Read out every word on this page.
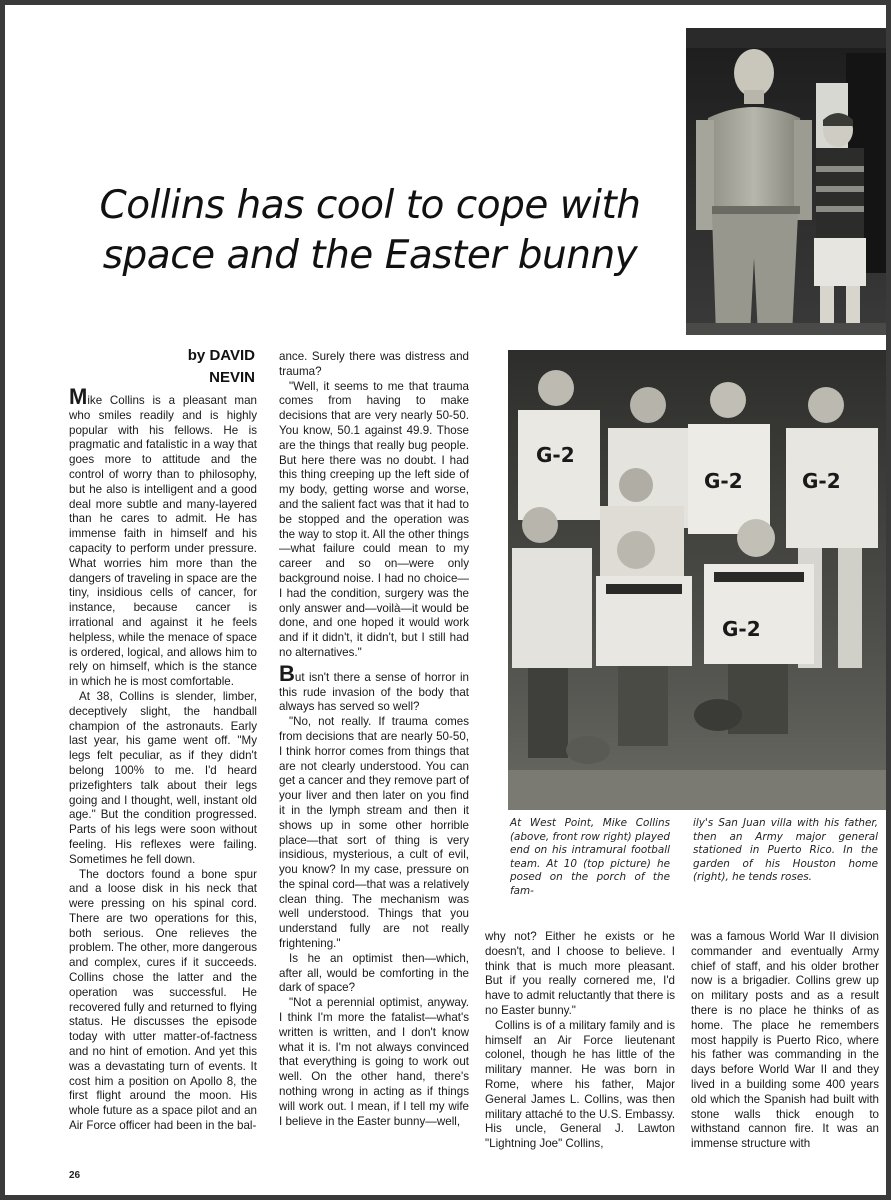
Collins has cool to cope with
space and the Easter bunny
by DAVID
NEVIN

Mike Collins is a pleasant man who smiles readily and is highly popular with his fellows. He is pragmatic and fatalistic in a way that goes more to attitude and the control of worry than to philosophy, but he also is intelligent and a good deal more subtle and many-layered than he cares to admit. He has immense faith in himself and his capacity to perform under pressure. What worries him more than the dangers of traveling in space are the tiny, insidious cells of cancer, for instance, because cancer is irrational and against it he feels helpless, while the menace of space is ordered, logical, and allows him to rely on himself, which is the stance in which he is most comfortable.

At 38, Collins is slender, limber, deceptively slight, the handball champion of the astronauts. Early last year, his game went off. "My legs felt peculiar, as if they didn't belong 100% to me. I'd heard prizefighters talk about their legs going and I thought, well, instant old age." But the condition progressed. Parts of his legs were soon without feeling. His reflexes were failing. Sometimes he fell down.

The doctors found a bone spur and a loose disk in his neck that were pressing on his spinal cord. There are two operations for this, both serious. One relieves the problem. The other, more dangerous and complex, cures if it succeeds. Collins chose the latter and the operation was successful. He recovered fully and returned to flying status. He discusses the episode today with utter matter-of-factness and no hint of emotion. And yet this was a devastating turn of events. It cost him a position on Apollo 8, the first flight around the moon. His whole future as a space pilot and an Air Force officer had been in the bal-

ance. Surely there was distress and trauma?

"Well, it seems to me that trauma comes from having to make decisions that are very nearly 50-50. You know, 50.1 against 49.9. Those are the things that really bug people. But here there was no doubt. I had this thing creeping up the left side of my body, getting worse and worse, and the salient fact was that it had to be stopped and the operation was the way to stop it. All the other things—what failure could mean to my career and so on—were only background noise. I had no choice—I had the condition, surgery was the only answer and—voilà—it would be done, and one hoped it would work and if it didn't, it didn't, but I still had no alternatives."

But isn't there a sense of horror in this rude invasion of the body that always has served so well?

"No, not really. If trauma comes from decisions that are nearly 50-50, I think horror comes from things that are not clearly understood. You can get a cancer and they remove part of your liver and then later on you find it in the lymph stream and then it shows up in some other horrible place—that sort of thing is very insidious, mysterious, a cult of evil, you know? In my case, pressure on the spinal cord—that was a relatively clean thing. The mechanism was well understood. Things that you understand fully are not really frightening."

Is he an optimist then—which, after all, would be comforting in the dark of space?

"Not a perennial optimist, anyway. I think I'm more the fatalist—what's written is written, and I don't know what it is. I'm not always convinced that everything is going to work out well. On the other hand, there's nothing wrong in acting as if things will work out. I mean, if I tell my wife I believe in the Easter bunny—well,

G-2
G-2	G-2
G-2
At West Point, Mike Collins (above, front row right) played end on his intramural football team. At 10 (top picture) he posed on the porch of the fam-
ily's San Juan villa with his father, then an Army major general stationed in Puerto Rico. In the garden of his Houston home (right), he tends roses.

why not? Either he exists or he doesn't, and I choose to believe. I think that is much more pleasant. But if you really cornered me, I'd have to admit reluctantly that there is no Easter bunny."

Collins is of a military family and is himself an Air Force lieutenant colonel, though he has little of the military manner. He was born in Rome, where his father, Major General James L. Collins, was then military attaché to the U.S. Embassy. His uncle, General J. Lawton "Lightning Joe" Collins,

was a famous World War II division commander and eventually Army chief of staff, and his older brother now is a brigadier. Collins grew up on military posts and as a result there is no place he thinks of as home. The place he remembers most happily is Puerto Rico, where his father was commanding in the days before World War II and they lived in a building some 400 years old which the Spanish had built with stone walls thick enough to withstand cannon fire. It was an immense structure with

26
